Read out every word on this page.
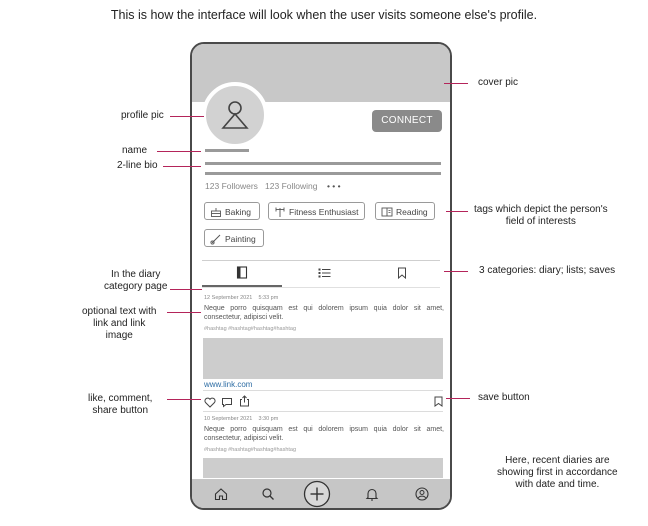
This is how the interface will look when the user visits someone else's profile.
CONNECT
123 Followers 123 Following • • •
Baking	Fitness Enthusiast	Reading
Painting
12 September 2021 5:33 pm
Neque porro quisquam est qui dolorem ipsum quia dolor sit amet, consectetur, adipisci velit.
#hashtag #hashtag#hashtag#hashtag
www.link.com
10 September 2021 3:30 pm
Neque porro quisquam est qui dolorem ipsum quia dolor sit amet, consectetur, adipisci velit.
#hashtag #hashtag#hashtag#hashtag
cover pic
tags which depict the person's
field of interests
3 categories: diary; lists; saves
save button
Here, recent diaries are
showing first in accordance
with date and time.
profile pic
name
2-line bio
In the diary
category page
optional text with
link and link
image
like, comment,
share button
